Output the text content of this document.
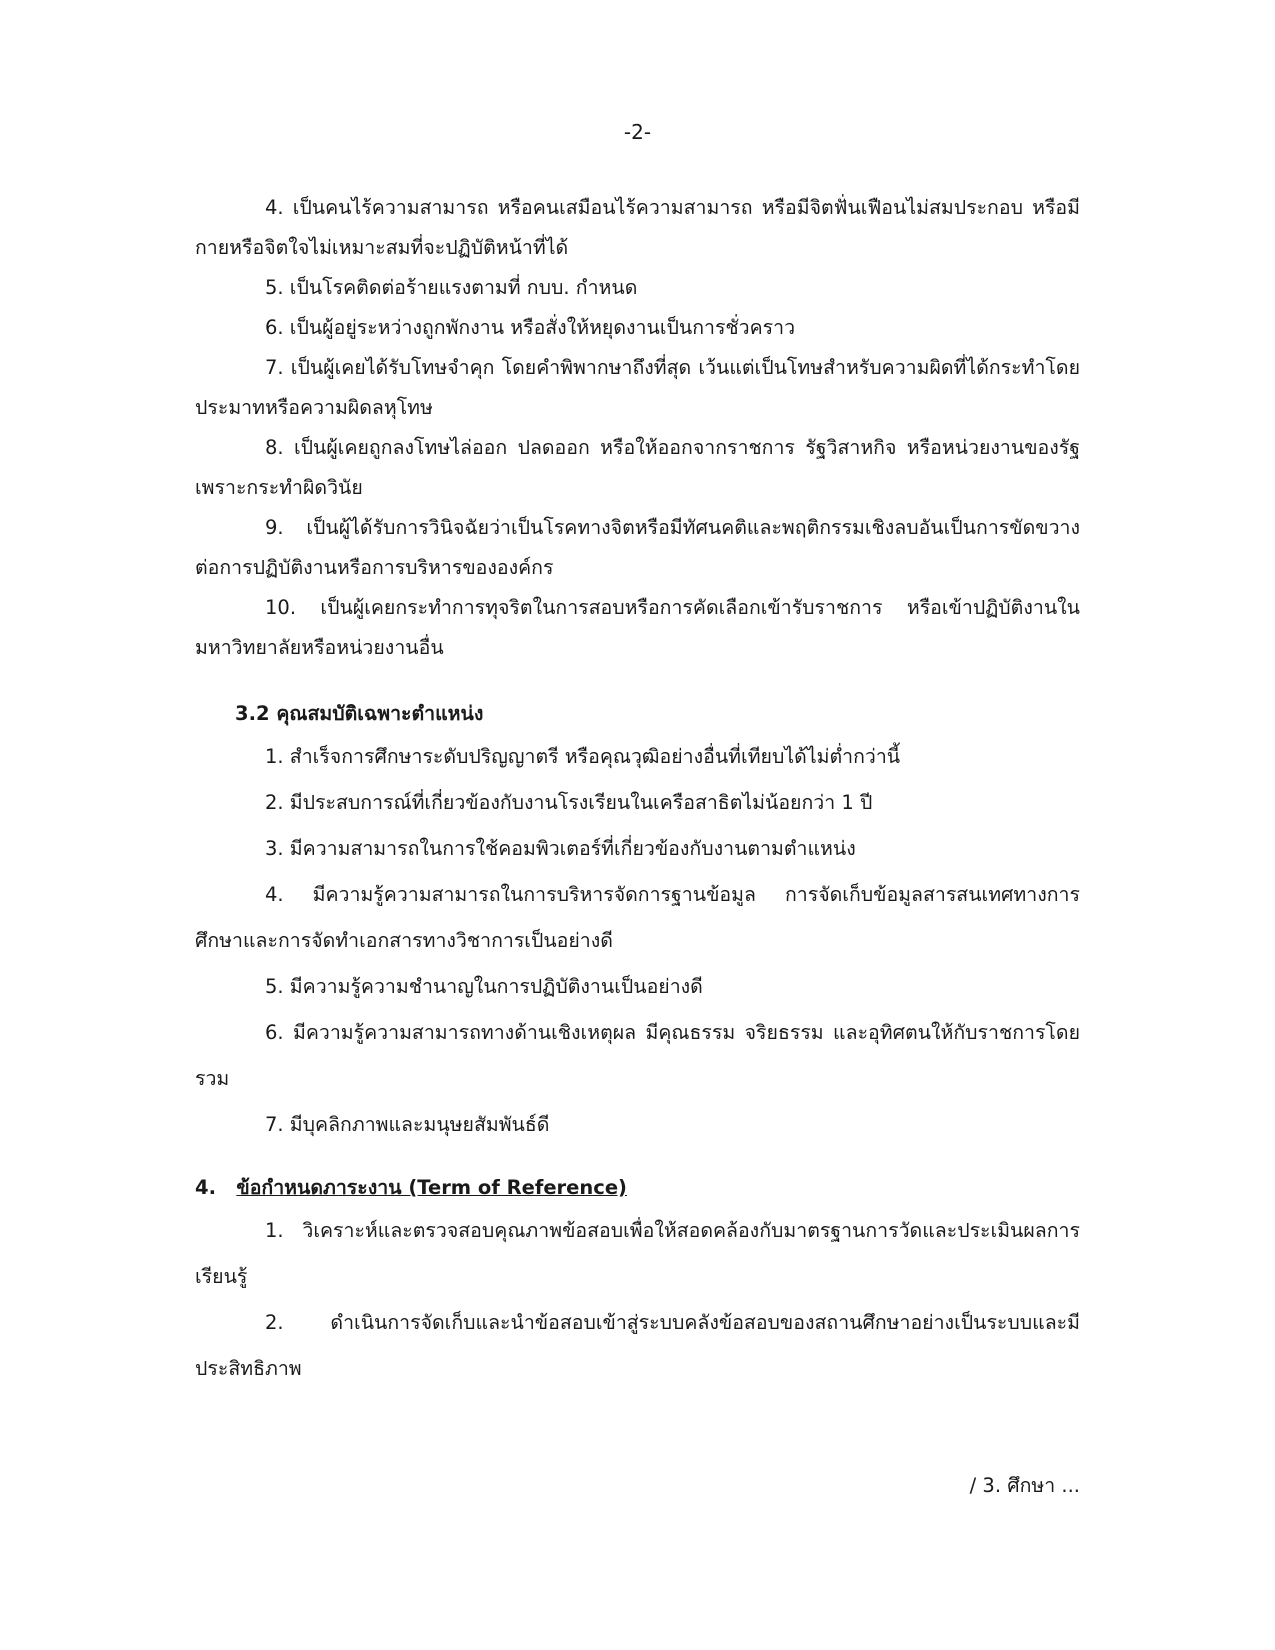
-2-

4. เป็นคนไร้ความสามารถ หรือคนเสมือนไร้ความสามารถ หรือมีจิตฟั่นเฟือนไม่สมประกอบ หรือมีกายหรือจิตใจไม่เหมาะสมที่จะปฏิบัติหน้าที่ได้

5. เป็นโรคติดต่อร้ายแรงตามที่ กบบ. กำหนด

6. เป็นผู้อยู่ระหว่างถูกพักงาน หรือสั่งให้หยุดงานเป็นการชั่วคราว

7. เป็นผู้เคยได้รับโทษจำคุก โดยคำพิพากษาถึงที่สุด เว้นแต่เป็นโทษสำหรับความผิดที่ได้กระทำโดยประมาทหรือความผิดลหุโทษ

8. เป็นผู้เคยถูกลงโทษไล่ออก ปลดออก หรือให้ออกจากราชการ รัฐวิสาหกิจ หรือหน่วยงานของรัฐเพราะกระทำผิดวินัย

9. เป็นผู้ได้รับการวินิจฉัยว่าเป็นโรคทางจิตหรือมีทัศนคติและพฤติกรรมเชิงลบอันเป็นการขัดขวางต่อการปฏิบัติงานหรือการบริหารขององค์กร

10. เป็นผู้เคยกระทำการทุจริตในการสอบหรือการคัดเลือกเข้ารับราชการ หรือเข้าปฏิบัติงานในมหาวิทยาลัยหรือหน่วยงานอื่น

3.2 คุณสมบัติเฉพาะตำแหน่ง

1. สำเร็จการศึกษาระดับปริญญาตรี หรือคุณวุฒิอย่างอื่นที่เทียบได้ไม่ต่ำกว่านี้

2. มีประสบการณ์ที่เกี่ยวข้องกับงานโรงเรียนในเครือสาธิตไม่น้อยกว่า 1 ปี

3. มีความสามารถในการใช้คอมพิวเตอร์ที่เกี่ยวข้องกับงานตามตำแหน่ง

4. มีความรู้ความสามารถในการบริหารจัดการฐานข้อมูล การจัดเก็บข้อมูลสารสนเทศทางการศึกษาและการจัดทำเอกสารทางวิชาการเป็นอย่างดี

5. มีความรู้ความชำนาญในการปฏิบัติงานเป็นอย่างดี

6. มีความรู้ความสามารถทางด้านเชิงเหตุผล มีคุณธรรม จริยธรรม และอุทิศตนให้กับราชการโดยรวม

7. มีบุคลิกภาพและมนุษยสัมพันธ์ดี

4. ข้อกำหนดภาระงาน (Term of Reference)

1. วิเคราะห์และตรวจสอบคุณภาพข้อสอบเพื่อให้สอดคล้องกับมาตรฐานการวัดและประเมินผลการเรียนรู้

2. ดำเนินการจัดเก็บและนำข้อสอบเข้าสู่ระบบคลังข้อสอบของสถานศึกษาอย่างเป็นระบบและมีประสิทธิภาพ

/ 3. ศึกษา ...
